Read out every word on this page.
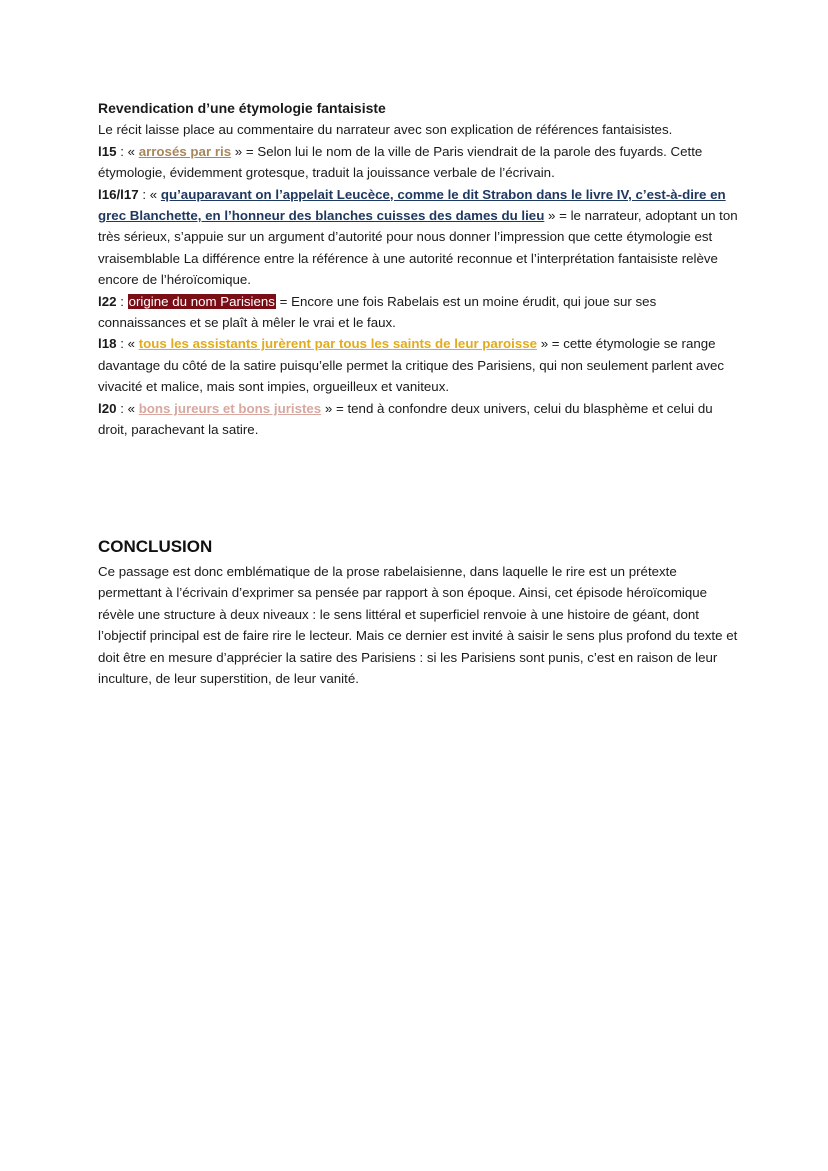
Revendication d’une étymologie fantaisiste

Le récit laisse place au commentaire du narrateur avec son explication de références fantaisistes.

l15 : « arrosés par ris » = Selon lui le nom de la ville de Paris viendrait de la parole des fuyards. Cette étymologie, évidemment grotesque, traduit la jouissance verbale de l’écrivain.

l16/l17 : « qu’auparavant on l’appelait Leucèce, comme le dit Strabon dans le livre IV, c’est-à-dire en grec Blanchette, en l’honneur des blanches cuisses des dames du lieu » = le narrateur, adoptant un ton très sérieux, s’appuie sur un argument d’autorité pour nous donner l’impression que cette étymologie est vraisemblable La différence entre la référence à une autorité reconnue et l’interprétation fantaisiste relève encore de l’héroïcomique.

l22 : origine du nom Parisiens = Encore une fois Rabelais est un moine érudit, qui joue sur ses connaissances et se plaît à mêler le vrai et le faux.

l18 : « tous les assistants jurèrent par tous les saints de leur paroisse » = cette étymologie se range davantage du côté de la satire puisqu’elle permet la critique des Parisiens, qui non seulement parlent avec vivacité et malice, mais sont impies, orgueilleux et vaniteux.

l20 : « bons jureurs et bons juristes » = tend à confondre deux univers, celui du blasphème et celui du droit, parachevant la satire.

CONCLUSION

Ce passage est donc emblématique de la prose rabelaisienne, dans laquelle le rire est un prétexte permettant à l’écrivain d’exprimer sa pensée par rapport à son époque. Ainsi, cet épisode héroïcomique révèle une structure à deux niveaux : le sens littéral et superficiel renvoie à une histoire de géant, dont l’objectif principal est de faire rire le lecteur. Mais ce dernier est invité à saisir le sens plus profond du texte et doit être en mesure d’apprécier la satire des Parisiens : si les Parisiens sont punis, c’est en raison de leur inculture, de leur superstition, de leur vanité.
